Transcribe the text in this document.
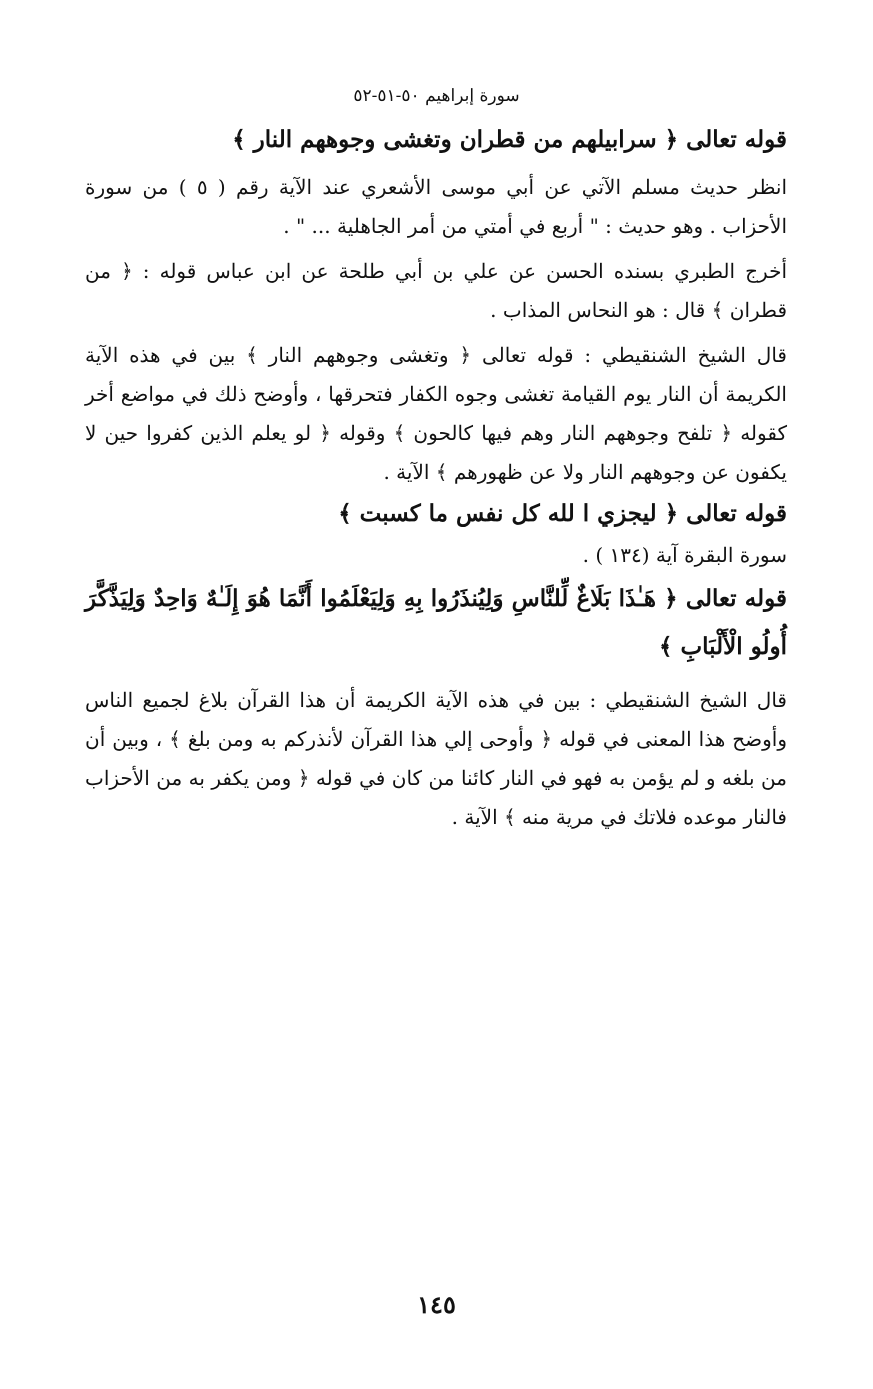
سورة إبراهيم ٥٠-٥١-٥٢

قوله تعالى ﴿ سرابيلهم من قطران وتغشى وجوههم النار ﴾

انظر حديث مسلم الآتي عن أبي موسى الأشعري عند الآية رقم ( ٥ ) من سورة الأحزاب . وهو حديث : " أربع في أمتي من أمر الجاهلية ... " .

أخرج الطبري بسنده الحسن عن علي بن أبي طلحة عن ابن عباس قوله : ﴿ من قطران ﴾ قال : هو النحاس المذاب .

قال الشيخ الشنقيطي : قوله تعالى ﴿ وتغشى وجوههم النار ﴾ بين في هذه الآية الكريمة أن النار يوم القيامة تغشى وجوه الكفار فتحرقها ، وأوضح ذلك في مواضع أخر كقوله ﴿ تلفح وجوههم النار وهم فيها كالحون ﴾ وقوله ﴿ لو يعلم الذين كفروا حين لا يكفون عن وجوههم النار ولا عن ظهورهم ﴾ الآية .

قوله تعالى ﴿ ليجزي ا لله كل نفس ما كسبت ﴾

سورة البقرة آية (١٣٤ ) .

قوله تعالى ﴿ هَـٰذَا بَلَاغٌ لِّلنَّاسِ وَلِيُنذَرُوا بِهِ وَلِيَعْلَمُوا أَنَّمَا هُوَ إِلَـٰهٌ وَاحِدٌ وَلِيَذَّكَّرَ أُولُو الْأَلْبَابِ ﴾

قال الشيخ الشنقيطي : بين في هذه الآية الكريمة أن هذا القرآن بلاغ لجميع الناس وأوضح هذا المعنى في قوله ﴿ وأوحى إلي هذا القرآن لأنذركم به ومن بلغ ﴾ ، وبين أن من بلغه و لم يؤمن به فهو في النار كائنا من كان في قوله ﴿ ومن يكفر به من الأحزاب فالنار موعده فلاتك في مرية منه ﴾ الآية .

١٤٥
